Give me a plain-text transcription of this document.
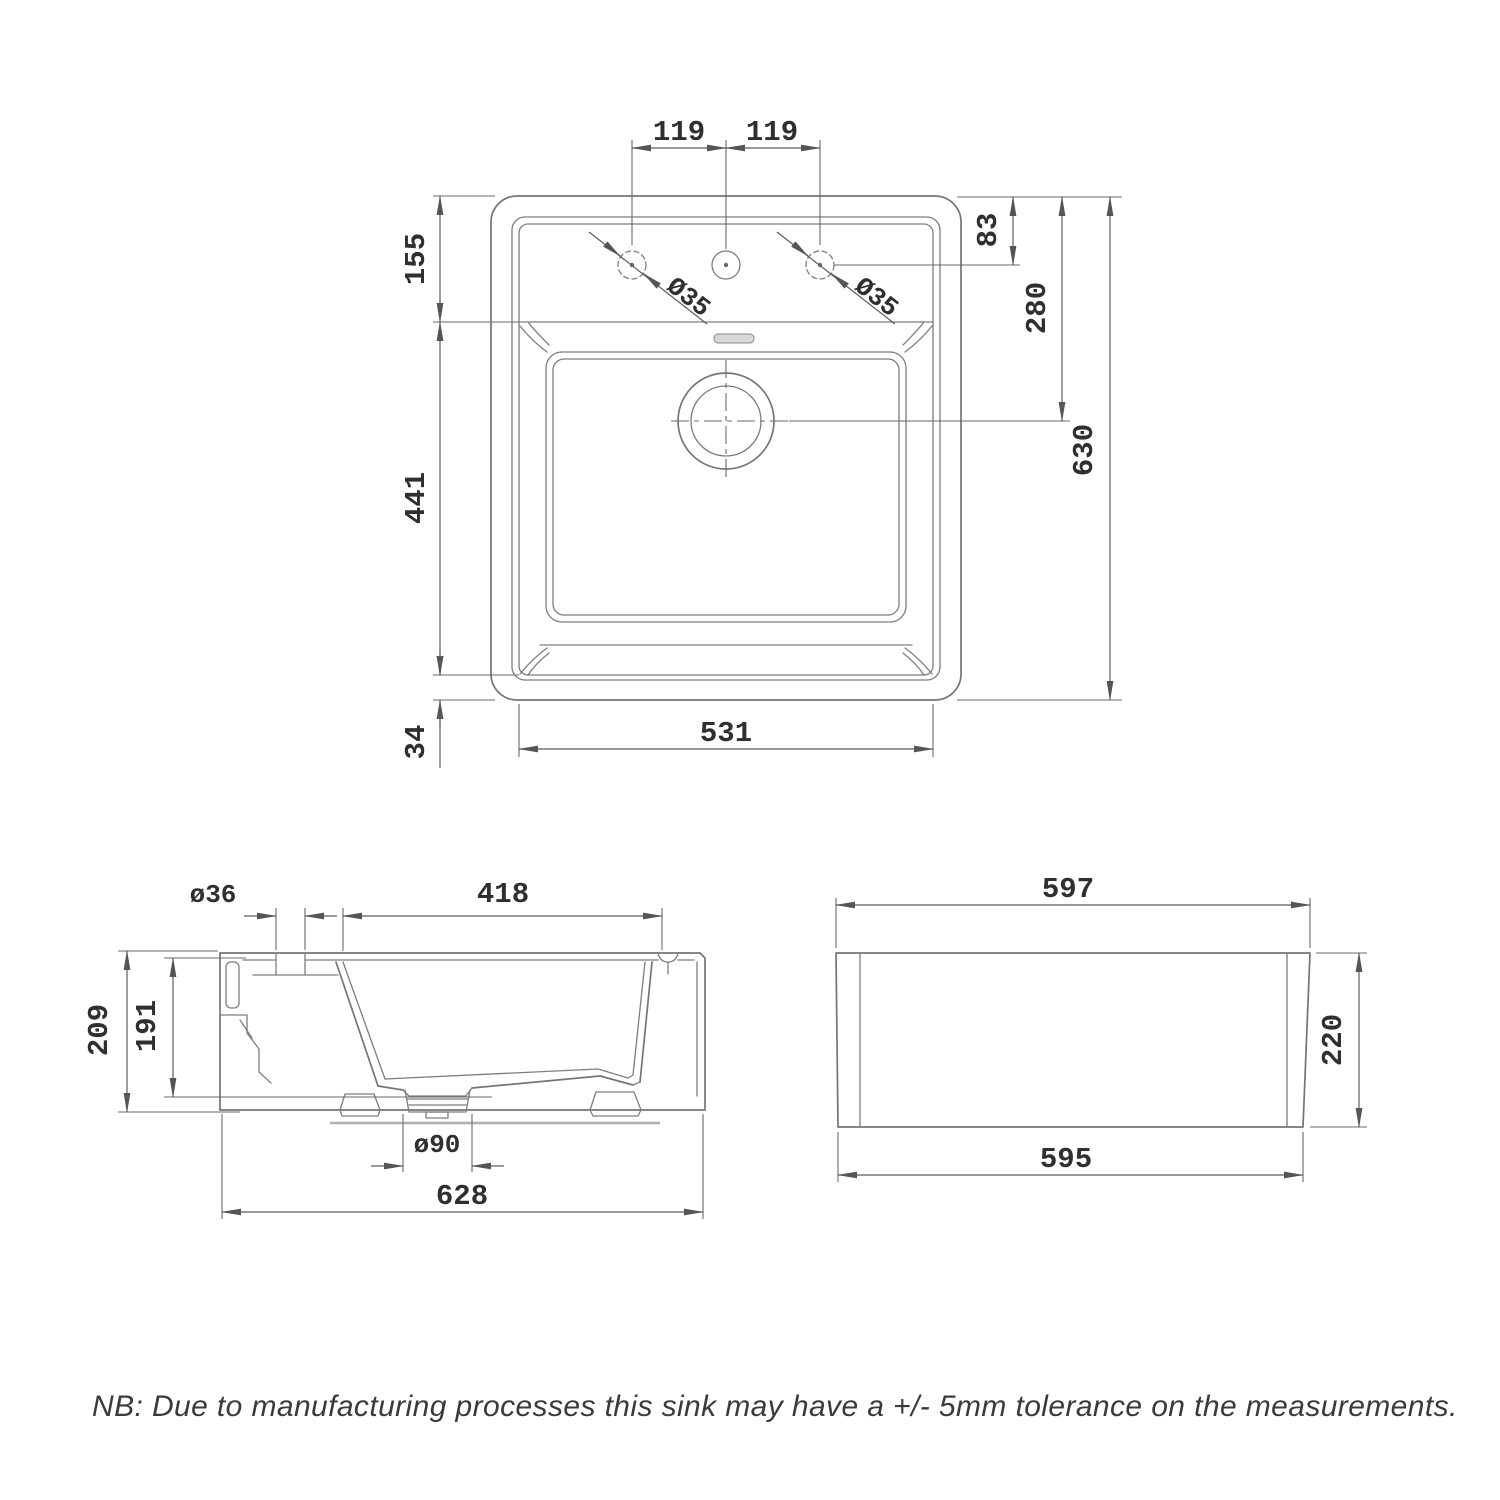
Ø35	Ø35
119 119
155
441
34	531
83
280
630
ø36	418
209 191
ø90
628
597
220
595
NB: Due to manufacturing processes this sink may have a +/- 5mm tolerance on the measurements.
